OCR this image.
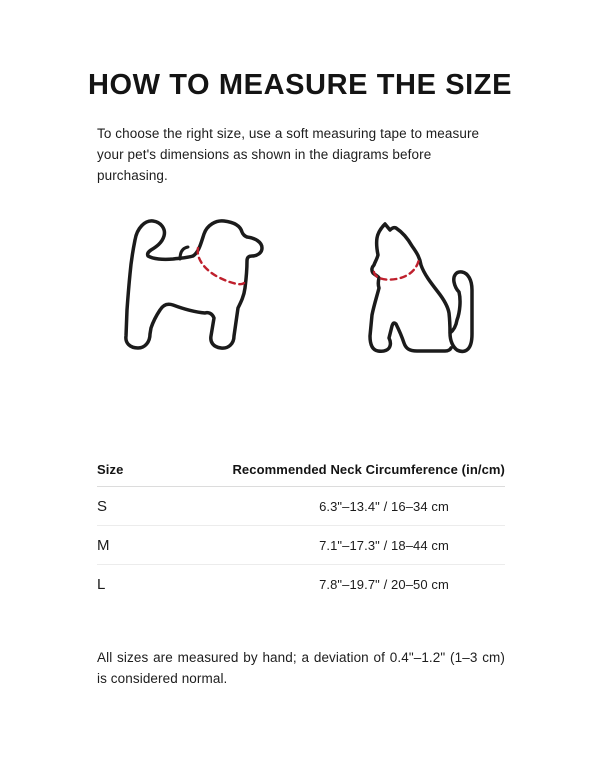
HOW TO MEASURE THE SIZE

To choose the right size, use a soft measuring tape to measure your pet's dimensions as shown in the diagrams before purchasing.

Size	Recommended Neck Circumference (in/cm)
S	6.3"–13.4" / 16–34 cm
M	7.1"–17.3" / 18–44 cm
L	7.8"–19.7" / 20–50 cm

All sizes are measured by hand; a deviation of 0.4"–1.2" (1–3 cm) is considered normal.
